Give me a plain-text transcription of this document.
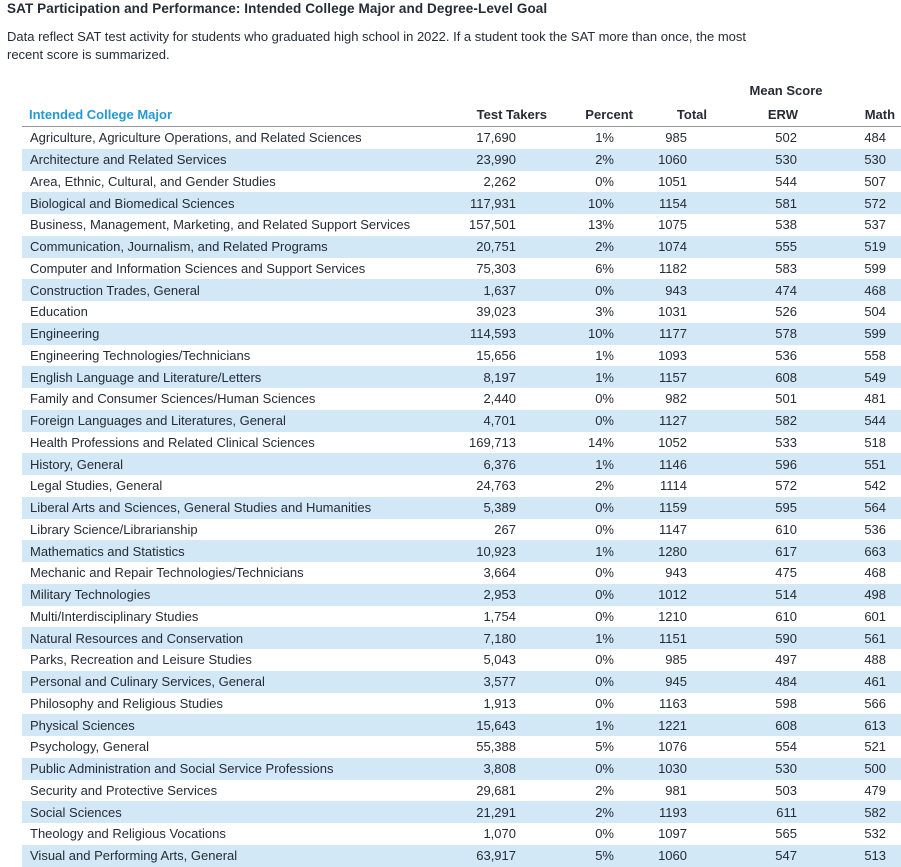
SAT Participation and Performance: Intended College Major and Degree-Level Goal
Data reflect SAT test activity for students who graduated high school in 2022. If a student took the SAT more than once, the most
recent score is summarized.
			Mean Score		
Intended College Major	Test Takers	Percent	Total	ERW	Math
Agriculture, Agriculture Operations, and Related Sciences	17,690	1%	985	502	484
Architecture and Related Services	23,990	2%	1060	530	530
Area, Ethnic, Cultural, and Gender Studies	2,262	0%	1051	544	507
Biological and Biomedical Sciences	117,931	10%	1154	581	572
Business, Management, Marketing, and Related Support Services	157,501	13%	1075	538	537
Communication, Journalism, and Related Programs	20,751	2%	1074	555	519
Computer and Information Sciences and Support Services	75,303	6%	1182	583	599
Construction Trades, General	1,637	0%	943	474	468
Education	39,023	3%	1031	526	504
Engineering	114,593	10%	1177	578	599
Engineering Technologies/Technicians	15,656	1%	1093	536	558
English Language and Literature/Letters	8,197	1%	1157	608	549
Family and Consumer Sciences/Human Sciences	2,440	0%	982	501	481
Foreign Languages and Literatures, General	4,701	0%	1127	582	544
Health Professions and Related Clinical Sciences	169,713	14%	1052	533	518
History, General	6,376	1%	1146	596	551
Legal Studies, General	24,763	2%	1114	572	542
Liberal Arts and Sciences, General Studies and Humanities	5,389	0%	1159	595	564
Library Science/Librarianship	267	0%	1147	610	536
Mathematics and Statistics	10,923	1%	1280	617	663
Mechanic and Repair Technologies/Technicians	3,664	0%	943	475	468
Military Technologies	2,953	0%	1012	514	498
Multi/Interdisciplinary Studies	1,754	0%	1210	610	601
Natural Resources and Conservation	7,180	1%	1151	590	561
Parks, Recreation and Leisure Studies	5,043	0%	985	497	488
Personal and Culinary Services, General	3,577	0%	945	484	461
Philosophy and Religious Studies	1,913	0%	1163	598	566
Physical Sciences	15,643	1%	1221	608	613
Psychology, General	55,388	5%	1076	554	521
Public Administration and Social Service Professions	3,808	0%	1030	530	500
Security and Protective Services	29,681	2%	981	503	479
Social Sciences	21,291	2%	1193	611	582
Theology and Religious Vocations	1,070	0%	1097	565	532
Visual and Performing Arts, General	63,917	5%	1060	547	513
